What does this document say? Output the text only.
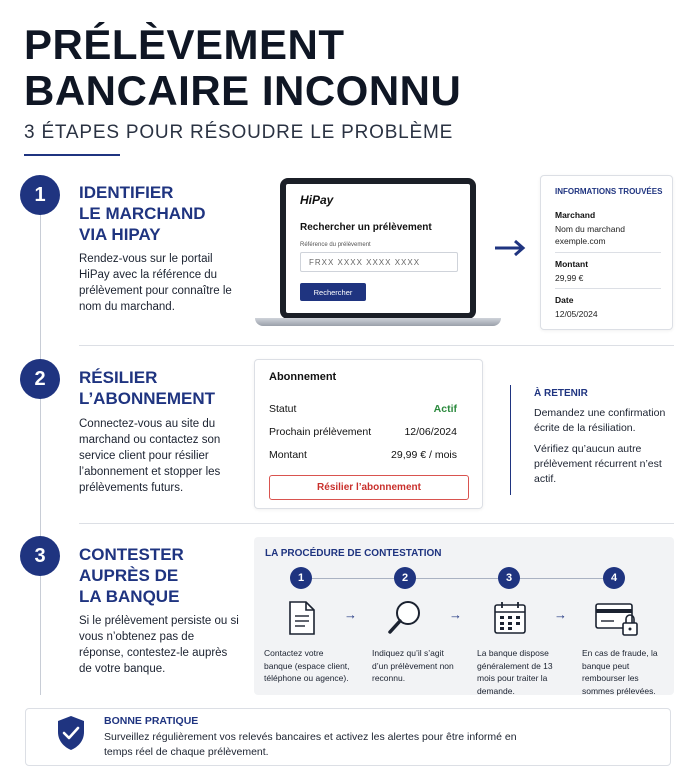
PRÉLÈVEMENT
BANCAIRE INCONNU
3 ÉTAPES POUR RÉSOUDRE LE PROBLÈME
1	IDENTIFIER
LE MARCHAND
VIA HIPAY
Rendez-vous sur le portail HiPay avec la référence du prélèvement pour connaître le nom du marchand.
HiPay
Rechercher un prélèvement
Référence du prélèvement
FRXX XXXX XXXX XXXX
Rechercher
INFORMATIONS TROUVÉES
Marchand
Nom du marchand
exemple.com
Montant
29,99 €
Date
12/05/2024
2	RÉSILIER
L’ABONNEMENT
Connectez-vous au site du marchand ou contactez son service client pour résilier l’abonnement et stopper les prélèvements futurs.
Abonnement
Statut	Actif
Prochain prélèvement	12/06/2024
Montant	29,99 € / mois
Résilier l’abonnement
À RETENIR
Demandez une confirmation écrite de la résiliation.
Vérifiez qu’aucun autre prélèvement récurrent n’est actif.
3	CONTESTER
AUPRÈS DE
LA BANQUE
Si le prélèvement persiste ou si vous n’obtenez pas de réponse, contestez-le auprès de votre banque.
LA PROCÉDURE DE CONTESTATION
1	2	3	4
→	→	→
Contactez votre banque (espace client, téléphone ou agence).
Indiquez qu’il s’agit d’un prélèvement non reconnu.
La banque dispose généralement de 13 mois pour traiter la demande.
En cas de fraude, la banque peut rembourser les sommes prélevées.
BONNE PRATIQUE
Surveillez régulièrement vos relevés bancaires et activez les alertes pour être informé en temps réel de chaque prélèvement.
